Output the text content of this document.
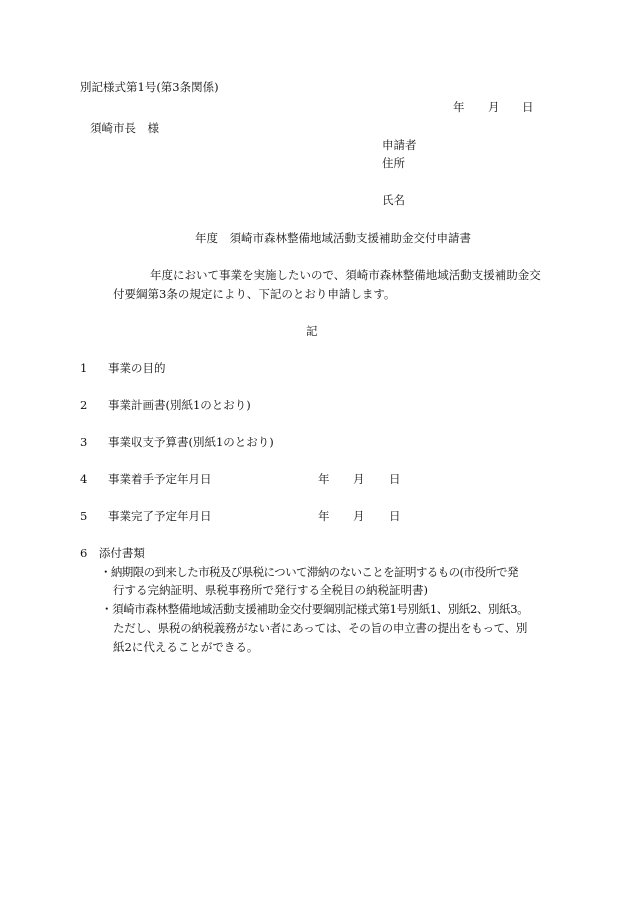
別記様式第1号(第3条関係)
年 月 日
須崎市長　様
申請者
住所
氏名
年度　須崎市森林整備地域活動支援補助金交付申請書
年度において事業を実施したいので、須崎市森林整備地域活動支援補助金交
付要綱第3条の規定により、下記のとおり申請します。
記
1 事業の目的
2 事業計画書(別紙1のとおり)
3 事業収支予算書(別紙1のとおり)
4 事業着手予定年月日	年 月 日
5 事業完了予定年月日	年 月 日
6　添付書類
・納期限の到来した市税及び県税について滞納のないことを証明するもの(市役所で発
行する完納証明、県税事務所で発行する全税目の納税証明書)
・須崎市森林整備地域活動支援補助金交付要綱別記様式第1号別紙1、別紙2、別紙3。
ただし、県税の納税義務がない者にあっては、その旨の申立書の提出をもって、別
紙2に代えることができる。
